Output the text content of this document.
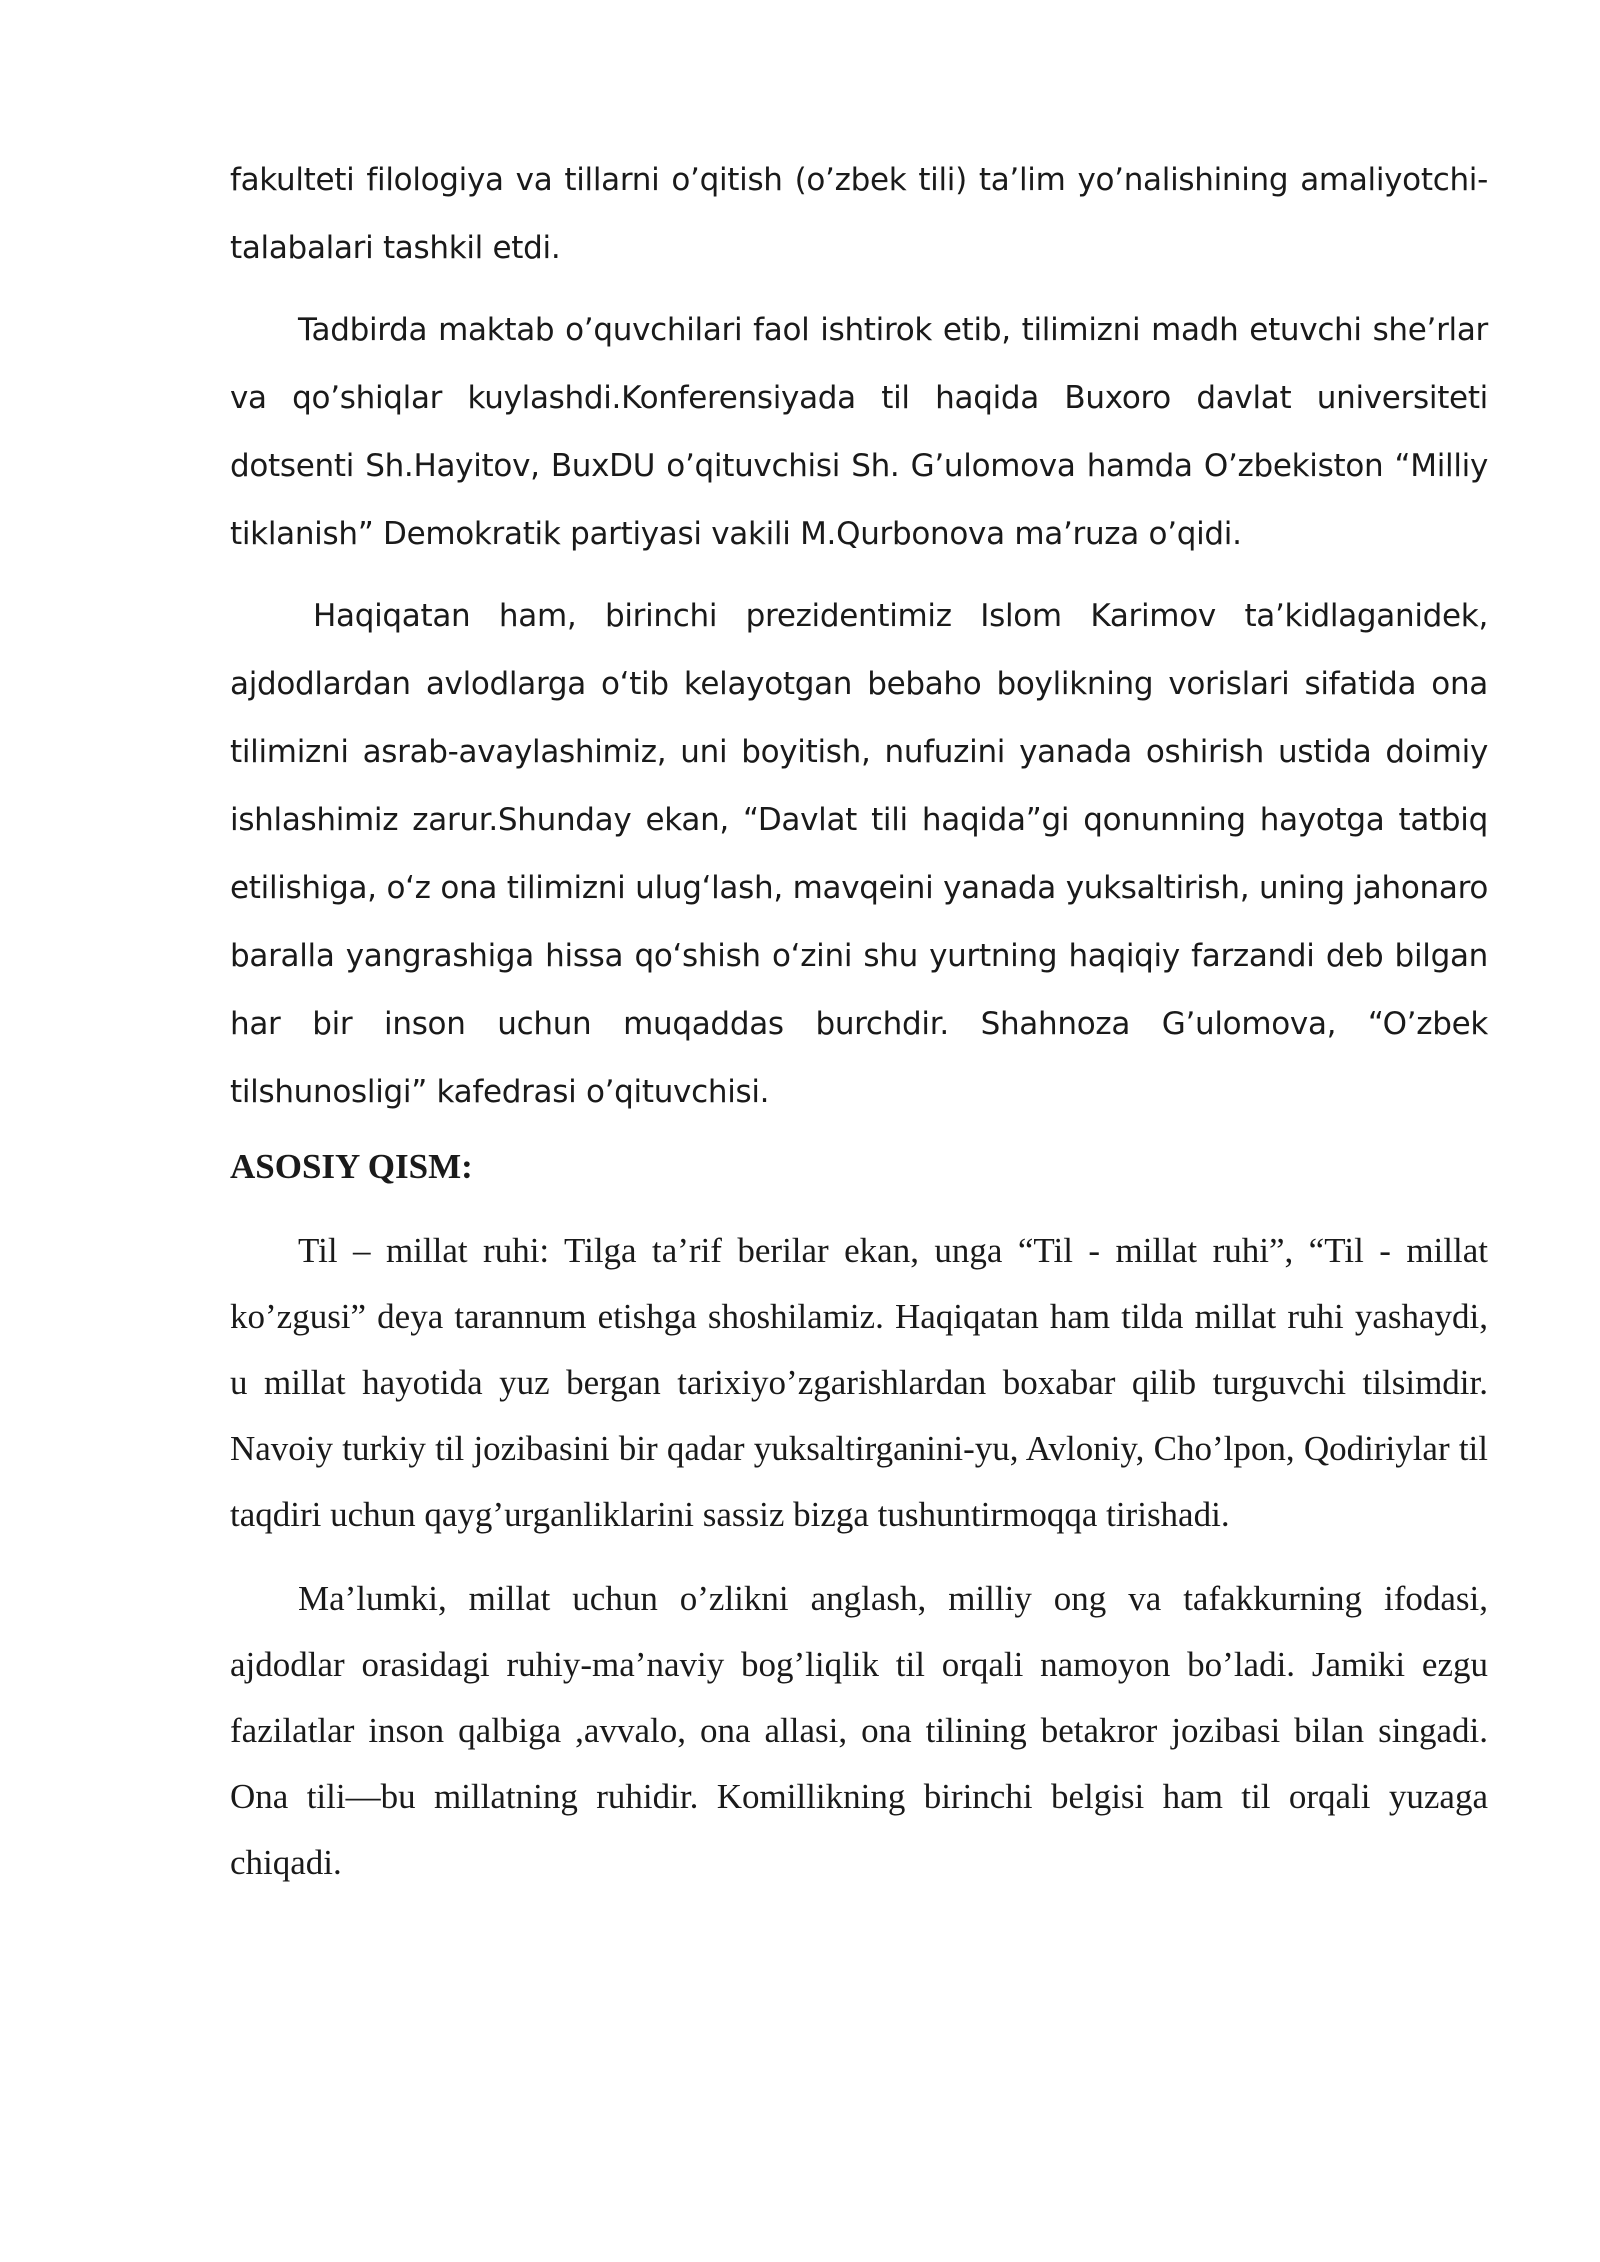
fakulteti filologiya va tillarni o’qitish (o’zbek tili) ta’lim yo’nalishining amaliyotchi-talabalari tashkil etdi.

Tadbirda maktab o’quvchilari faol ishtirok etib, tilimizni madh etuvchi she’rlar va qo’shiqlar kuylashdi.Konferensiyada til haqida Buxoro davlat universiteti dotsenti Sh.Hayitov, BuxDU o’qituvchisi Sh. G’ulomova hamda O’zbekiston “Milliy tiklanish” Demokratik partiyasi vakili M.Qurbonova ma’ruza o’qidi.

Haqiqatan ham, birinchi prezidentimiz Islom Karimov ta’kidlaganidek, ajdodlardan avlodlarga o‘tib kelayotgan bebaho boylikning vorislari sifatida ona tilimizni asrab-avaylashimiz, uni boyitish, nufuzini yanada oshirish ustida doimiy ishlashimiz zarur.Shunday ekan, “Davlat tili haqida”gi qonunning hayotga tatbiq etilishiga, o‘z ona tilimizni ulug‘lash, mavqeini yanada yuksaltirish, uning jahonaro baralla yangrashiga hissa qo‘shish o‘zini shu yurtning haqiqiy farzandi deb bilgan har bir inson uchun muqaddas burchdir. Shahnoza G’ulomova, “O’zbek tilshunosligi” kafedrasi o’qituvchisi.

ASOSIY QISM:

Til – millat ruhi: Tilga ta’rif berilar ekan, unga “Til - millat ruhi”, “Til - millat ko’zgusi” deya tarannum etishga shoshilamiz. Haqiqatan ham tilda millat ruhi yashaydi, u millat hayotida yuz bergan tarixiyo’zgarishlardan boxabar qilib turguvchi tilsimdir. Navoiy turkiy til jozibasini bir qadar yuksaltirganini-yu, Avloniy, Cho’lpon, Qodiriylar til taqdiri uchun qayg’urganliklarini sassiz bizga tushuntirmoqqa tirishadi.

Ma’lumki, millat uchun o’zlikni anglash, milliy ong va tafakkurning ifodasi, ajdodlar orasidagi ruhiy-ma’naviy bog’liqlik til orqali namoyon bo’ladi. Jamiki ezgu fazilatlar inson qalbiga ,avvalo, ona allasi, ona tilining betakror jozibasi bilan singadi. Ona tili—bu millatning ruhidir. Komillikning birinchi belgisi ham til orqali yuzaga chiqadi.
